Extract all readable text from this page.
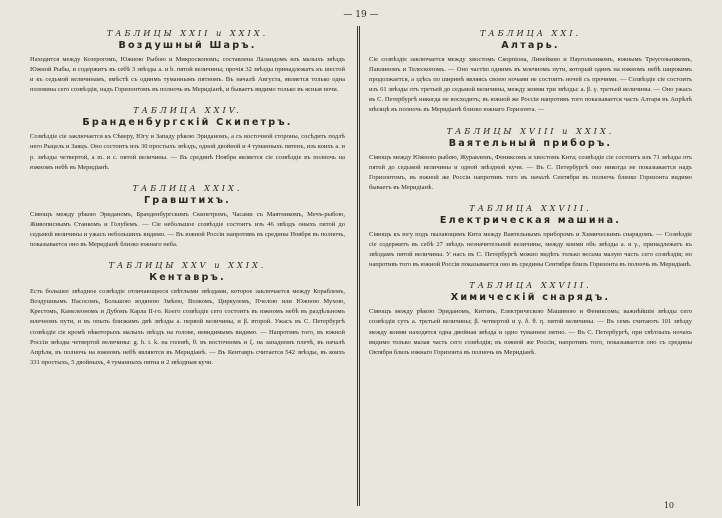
— 19 —
ТАБЛИЦЫ XXII и XXIX.
Воздушный Шаръ.

Находится между Козерогомъ, Южною Рыбою и Микроскопомъ; составлена Лаландомъ изъ малыхъ звѣздъ Южной Рыбы, и содержитъ въ себѣ 3 звѣзды а. и b. пятой величины; прочія 32 звѣзды принадлежатъ къ шестой и къ седьмой величинамъ, вмѣстѣ съ одинмъ туманнымъ пятномъ. Въ началѣ Августа, является только одна половина сего созвѣздія, надъ Горизонтомъ въ полночь въ Меридіанѣ, и бываетъ видимо только въ ясныя ночи.

ТАБЛИЦА XXIV.
Бранденбургскій Скипетръ.

Созвѣздіе сіе заключается къ Сѣверу, Югу и Западу рѣкою Эриданомъ, а съ восточной стороны, сосѣдить подлѣ него Рыцель и Заяцъ. Оно состоитъ изъ 30 простыхъ звѣздъ, одной двойной и 4 туманныхъ пятенъ, изъ коихъ а. и р. звѣзды четвертой, а m. и c. пятой величины. — Въ срединѣ Ноября является сіе созвѣздіе въ полночь на южномъ небѣ въ Меридіанѣ.

ТАБЛИЦА XXIX.
Гравштихъ.

Сіяющъ между рѣкою Эриданомъ, Бранденбургскимъ Скипетромъ, Часами съ Маятникомъ, Мечъ-рыбою, Живописнымъ Станкомъ и Голубемъ. — Сіе небольшое созвѣздіе состоитъ изъ 46 звѣздъ оныхъ пятой до седьмой величины и ужасъ небольшихъ видимо. — Въ южной Россіи напротивъ въ средины Ноября въ полночь, показывается оно въ Меридіанѣ близко южнаго неба.

ТАБЛИЦЫ XXV и XXIX.
Кентавръ.

Есть большее звѣздное созвѣздіе отличающееся свѣтлыми звѣздами, которое заключается между Кораблемъ, Воздушнымъ Насосомъ, Большою водяною Змѣею, Волкомъ, Циркулемъ, Пчелою или Южною Мухою, Крестомъ, Камелеономъ и Дубомъ Карла II-го. Коего созвѣздіе сего состоитъ въ южномъ небѣ въ раздѣльномъ млечномъ пути, и въ опыть близкимъ двѣ звѣзды а. первой величины, и β. второй. Ужасъ въ С. Петербургѣ созвѣздіе сіе кромѣ нѣкоторыхъ малыхъ звѣздъ на голове, невидимымъ видимо. — Напротивъ того, въ южной Россіи звѣзды четвертой величины: g. h. i. k. на головѣ, θ. въ восточномъ и ξ. на западномъ плечѣ, въ началѣ Апрѣля, въ полночь на южномъ небѣ являются въ Меридіанѣ. — Въ Кентавръ считается 542 звѣзды, въ коихъ 331 простыхъ, 5 двойныхъ, 4 туманныхъ пятна и 2 звѣздныя кучи.

ТАБЛИЦА XXI.
Алтарь.

Сіе созвѣздіе заключается между хвостомъ Скорпіона, Линейкою и Наугольникомъ, южнымъ Треугольникомъ, Павлиномъ и Телескопомъ. — Оно частію однимъ въ млечномъ пути, который одинъ на южномъ небѣ широкимъ продолжается, а здѣсь по ширинѣ являясь своею ночами не состоитъ ночей съ прочими. — Созвѣздіе сіе состоитъ изъ 61 звѣзды отъ третьей до седьмой величины, между коими три звѣзды: а. β. γ. третьей величины. — Оно ужасъ въ С. Петербургѣ никогда не восходитъ; въ южной же Россіи напротивъ того показывается часть Алтаря въ Апрѣлѣ мѣсяцѣ въ полночь въ Меридіанѣ близко южнаго Горизонта. —

ТАБЛИЦЫ XVIII и XXIX.
Ваятельный приборъ.

Сіяющъ между Южною рыбою, Журавлемъ, Фениксомъ и хвостомъ Кита; созвѣздіе сіе состоитъ изъ 71 звѣзды отъ пятой до седьмой величины и одной звѣздной кучи. — Въ С. Петербургѣ оно никогда не показывается надъ Горизонтомъ, въ южной же Россіи напротивъ того въ началѣ Сентября въ полночь близко Горизонта видимо бываетъ въ Меридіанѣ.

ТАБЛИЦА XXVIII.
Електрическая машина.

Сіяющъ къ югу подъ пылающимъ Кита между Ваятельнымъ приборомъ и Химическимъ снарядомъ. — Созвѣздіе сіе содержитъ въ себѣ 27 звѣздъ незначительной величины, между коими объ звѣзды а. и γ., принадлежатъ къ звѣздамъ пятой величины. У насъ въ С. Петербургѣ можно видѣть только весьма малую часть сего созвѣздія; но напротивъ того въ южной Россіи показывается оно въ средины Сентября близъ Горизонта въ полночь въ Меридіанѣ.

ТАБЛИЦА XXVIII.
Химическій снарядъ.

Сіяющъ между рѣкою Эриданомъ, Китомъ, Електрическою Машиною и Фениксомъ; важнѣйшія звѣзды сего созвѣздія суть а. третьей величины; β. четвертой и γ. δ. θ. η. пятой величины. — Въ семъ считаютъ 101 звѣзду между коими находятся одна двойная звѣзда и одно туманное пятно. — Въ С. Петербургѣ, при свѣтлыхъ ночахъ видимо только малая часть сего созвѣздія; въ южной же Россіи, напротивъ того, показывается оно съ средины Октября близъ южнаго Горизонта въ полночь въ Меридіанѣ.

10
